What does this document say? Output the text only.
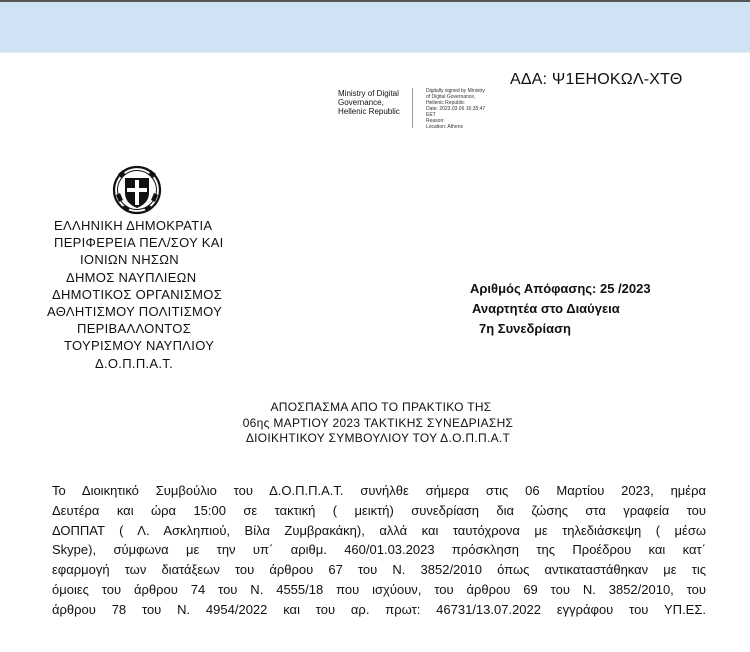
ΑΔΑ: Ψ1ΕΗΟΚΩΛ-ΧΤΘ
Ministry of Digital
Governance,
Hellenic Republic
Digitally signed by Ministry
of Digital Governance,
Hellenic Republic
Date: 2023.03.06 16:35:47
EET
Reason:
Location: Athens
ΕΛΛΗΝΙΚΗ ΔΗΜΟΚΡΑΤΙΑ
ΠΕΡΙΦΕΡΕΙΑ ΠΕΛ/ΣΟΥ ΚΑΙ
ΙΟΝΙΩΝ ΝΗΣΩΝ
ΔΗΜΟΣ ΝΑΥΠΛΙΕΩΝ
ΔΗΜΟΤΙΚΟΣ ΟΡΓΑΝΙΣΜΟΣ
ΑΘΛΗΤΙΣΜΟΥ ΠΟΛΙΤΙΣΜΟΥ
ΠΕΡΙΒΑΛΛΟΝΤΟΣ
ΤΟΥΡΙΣΜΟΥ ΝΑΥΠΛΙΟΥ
Δ.Ο.Π.Π.Α.Τ.
Αριθμός Απόφασης: 25 /2023
Αναρτητέα στο Διαύγεια
7η Συνεδρίαση
ΑΠΟΣΠΑΣΜΑ ΑΠΟ ΤΟ ΠΡΑΚΤΙΚΟ ΤΗΣ
06ης ΜΑΡΤΙΟΥ 2023 ΤΑΚΤΙΚΗΣ ΣΥΝΕΔΡΙΑΣΗΣ
ΔΙΟΙΚΗΤΙΚΟΥ ΣΥΜΒΟΥΛΙΟΥ ΤΟΥ Δ.Ο.Π.Π.Α.Τ
Το Διοικητικό Συμβούλιο του Δ.Ο.Π.Π.Α.Τ. συνήλθε σήμερα στις 06 Μαρτίου 2023, ημέρα
Δευτέρα και ώρα 15:00 σε τακτική ( μεικτή) συνεδρίαση δια ζώσης στα γραφεία του
ΔΟΠΠΑΤ ( Λ. Ασκληπιού, Βίλα Ζυμβρακάκη), αλλά και ταυτόχρονα με τηλεδιάσκεψη ( μέσω
Skype), σύμφωνα με την υπ΄ αριθμ. 460/01.03.2023 πρόσκληση της Προέδρου και κατ΄
εφαρμογή των διατάξεων του άρθρου 67 του Ν. 3852/2010 όπως αντικαταστάθηκαν με τις
όμοιες του άρθρου 74 του Ν. 4555/18 που ισχύουν, του άρθρου 69 του Ν. 3852/2010, του
άρθρου 78 του Ν. 4954/2022 και του αρ. πρωτ: 46731/13.07.2022 εγγράφου του ΥΠ.ΕΣ.
